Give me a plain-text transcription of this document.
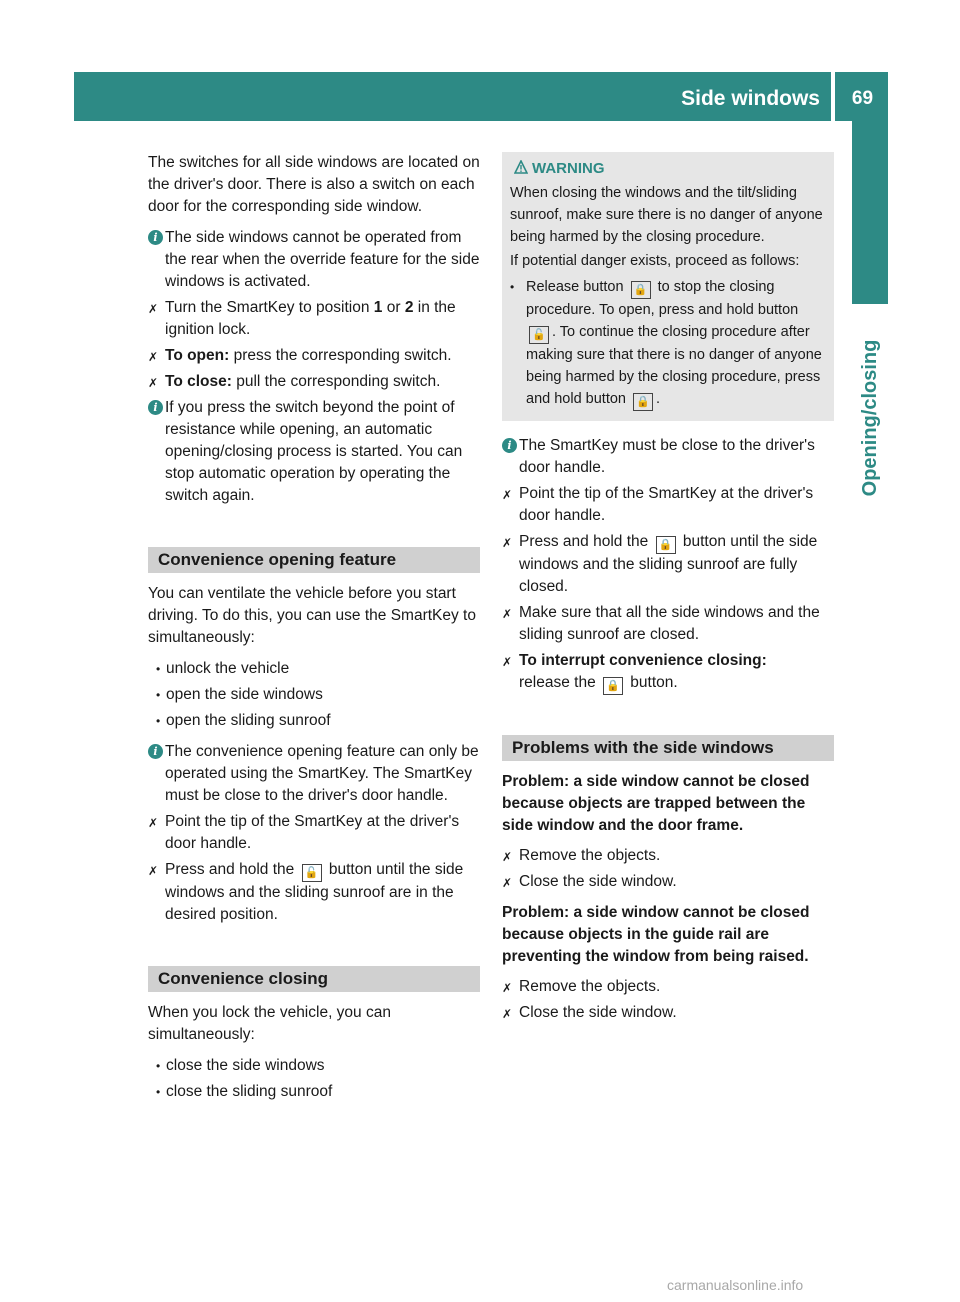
Side windows	69
Opening/closing

The switches for all side windows are located on the driver's door. There is also a switch on each door for the corresponding side window.

i The side windows cannot be operated from the rear when the override feature for the side windows is activated.
✗ Turn the SmartKey to position 1 or 2 in the ignition lock.
✗ To open: press the corresponding switch.
✗ To close: pull the corresponding switch.
i If you press the switch beyond the point of resistance while opening, an automatic opening/closing process is started. You can stop automatic operation by operating the switch again.
Convenience opening feature

You can ventilate the vehicle before you start driving. To do this, you can use the SmartKey to simultaneously:

• unlock the vehicle
• open the side windows
• open the sliding sunroof
i The convenience opening feature can only be operated using the SmartKey. The SmartKey must be close to the driver's door handle.
✗ Point the tip of the SmartKey at the driver's door handle.
✗ Press and hold the 🔓 button until the side windows and the sliding sunroof are in the desired position.
Convenience closing

When you lock the vehicle, you can simultaneously:

• close the side windows
• close the sliding sunroof
WARNING

When closing the windows and the tilt/sliding sunroof, make sure there is no danger of anyone being harmed by the closing procedure.

If potential danger exists, proceed as follows:

• Release button 🔒 to stop the closing procedure. To open, press and hold button 🔓 . To continue the closing procedure after making sure that there is no danger of anyone being harmed by the closing procedure, press and hold button 🔒 .
i The SmartKey must be close to the driver's door handle.
✗ Point the tip of the SmartKey at the driver's door handle.
✗ Press and hold the 🔒 button until the side windows and the sliding sunroof are fully closed.
✗ Make sure that all the side windows and the sliding sunroof are closed.
✗ To interrupt convenience closing:
release the 🔒 button.
Problems with the side windows

Problem: a side window cannot be closed because objects are trapped between the side window and the door frame.

✗ Remove the objects.
✗ Close the side window.

Problem: a side window cannot be closed because objects in the guide rail are preventing the window from being raised.

✗ Remove the objects.
✗ Close the side window.
carmanualsonline.info
